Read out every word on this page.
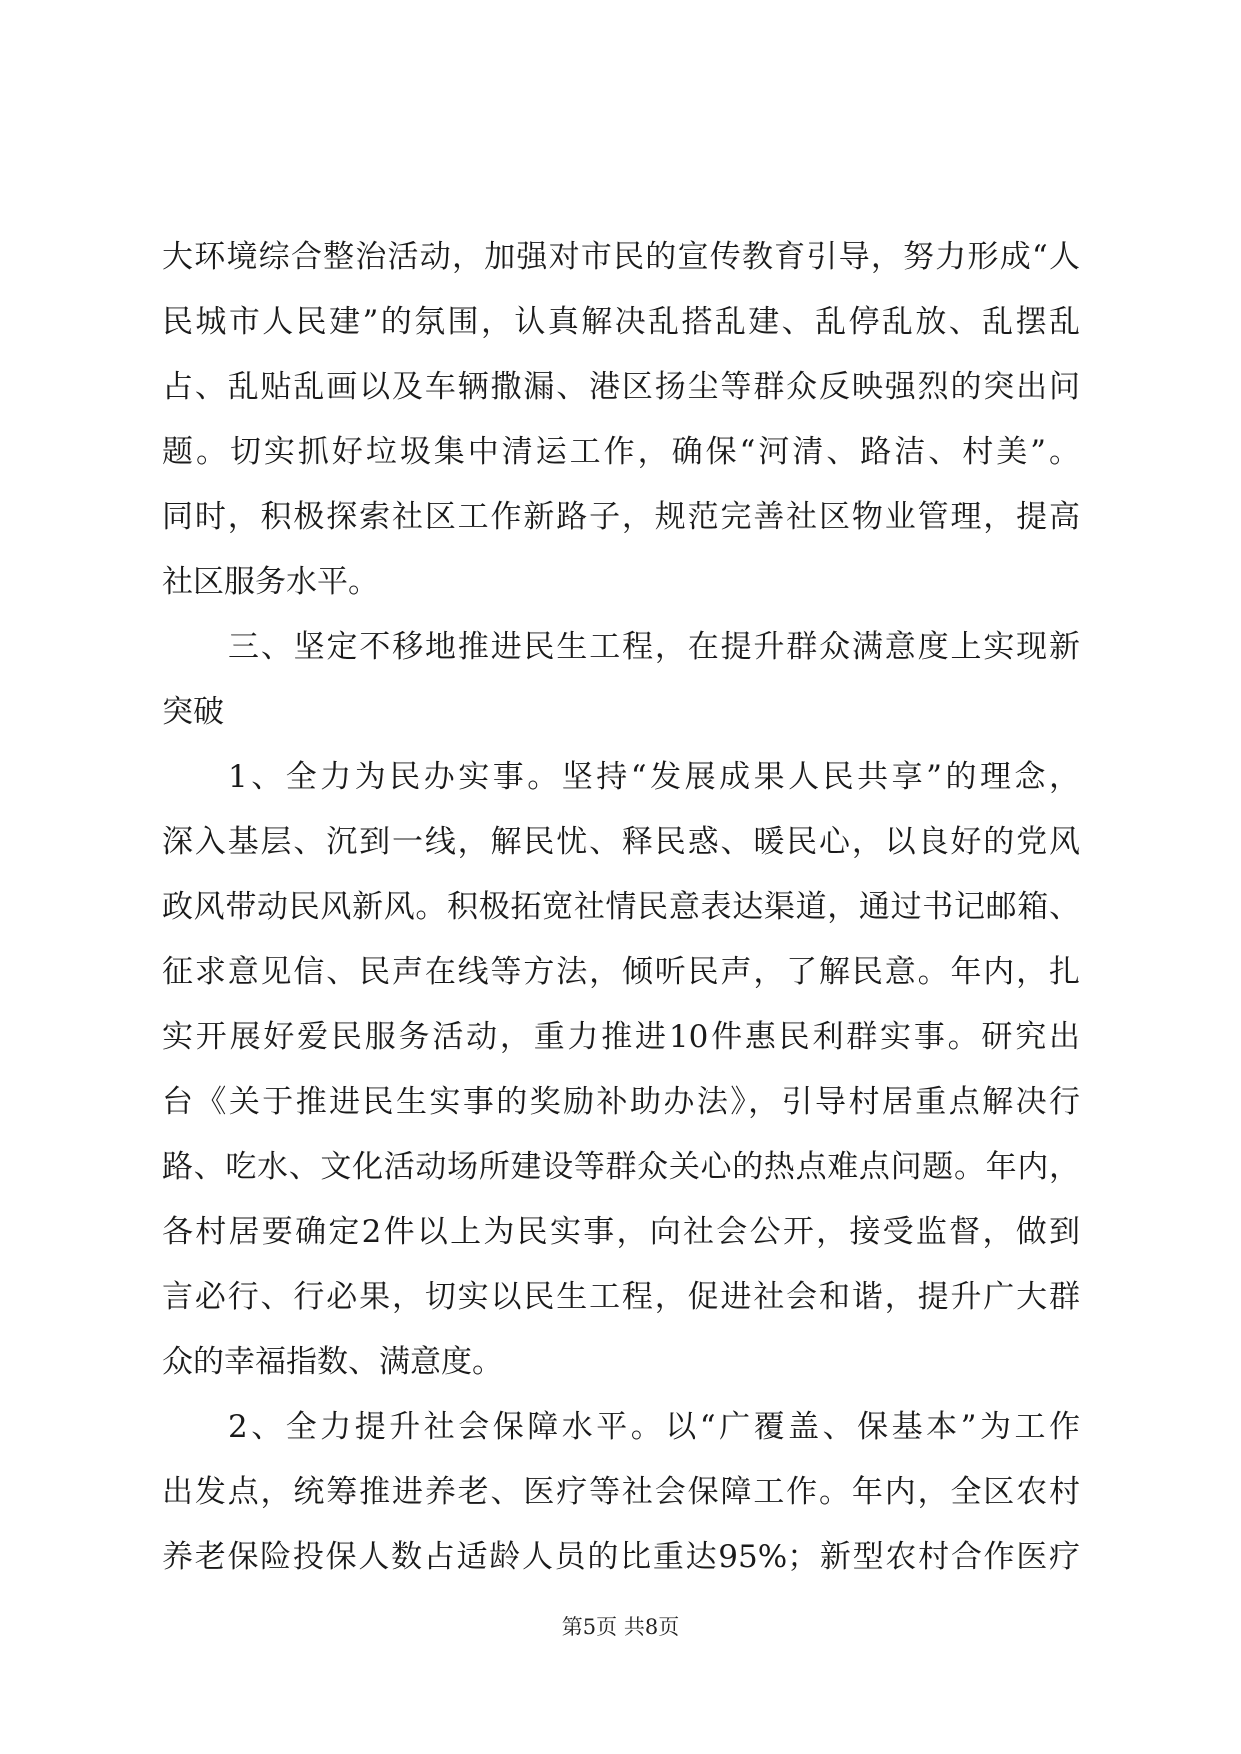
大环境综合整治活动，加强对市民的宣传教育引导，努力形成“人
民城市人民建”的氛围，认真解决乱搭乱建、乱停乱放、乱摆乱
占、乱贴乱画以及车辆撒漏、港区扬尘等群众反映强烈的突出问
题。切实抓好垃圾集中清运工作，确保“河清、路洁、村美”。
同时，积极探索社区工作新路子，规范完善社区物业管理，提高
社区服务水平。
三、坚定不移地推进民生工程，在提升群众满意度上实现新
突破
1、全力为民办实事。坚持“发展成果人民共享”的理念，
深入基层、沉到一线，解民忧、释民惑、暖民心，以良好的党风
政风带动民风新风。积极拓宽社情民意表达渠道，通过书记邮箱、
征求意见信、民声在线等方法，倾听民声，了解民意。年内，扎
实开展好爱民服务活动，重力推进10件惠民利群实事。研究出
台《关于推进民生实事的奖励补助办法》，引导村居重点解决行
路、吃水、文化活动场所建设等群众关心的热点难点问题。年内，
各村居要确定2件以上为民实事，向社会公开，接受监督，做到
言必行、行必果，切实以民生工程，促进社会和谐，提升广大群
众的幸福指数、满意度。
2、全力提升社会保障水平。以“广覆盖、保基本”为工作
出发点，统筹推进养老、医疗等社会保障工作。年内，全区农村
养老保险投保人数占适龄人员的比重达95%；新型农村合作医疗
第5页 共8页
